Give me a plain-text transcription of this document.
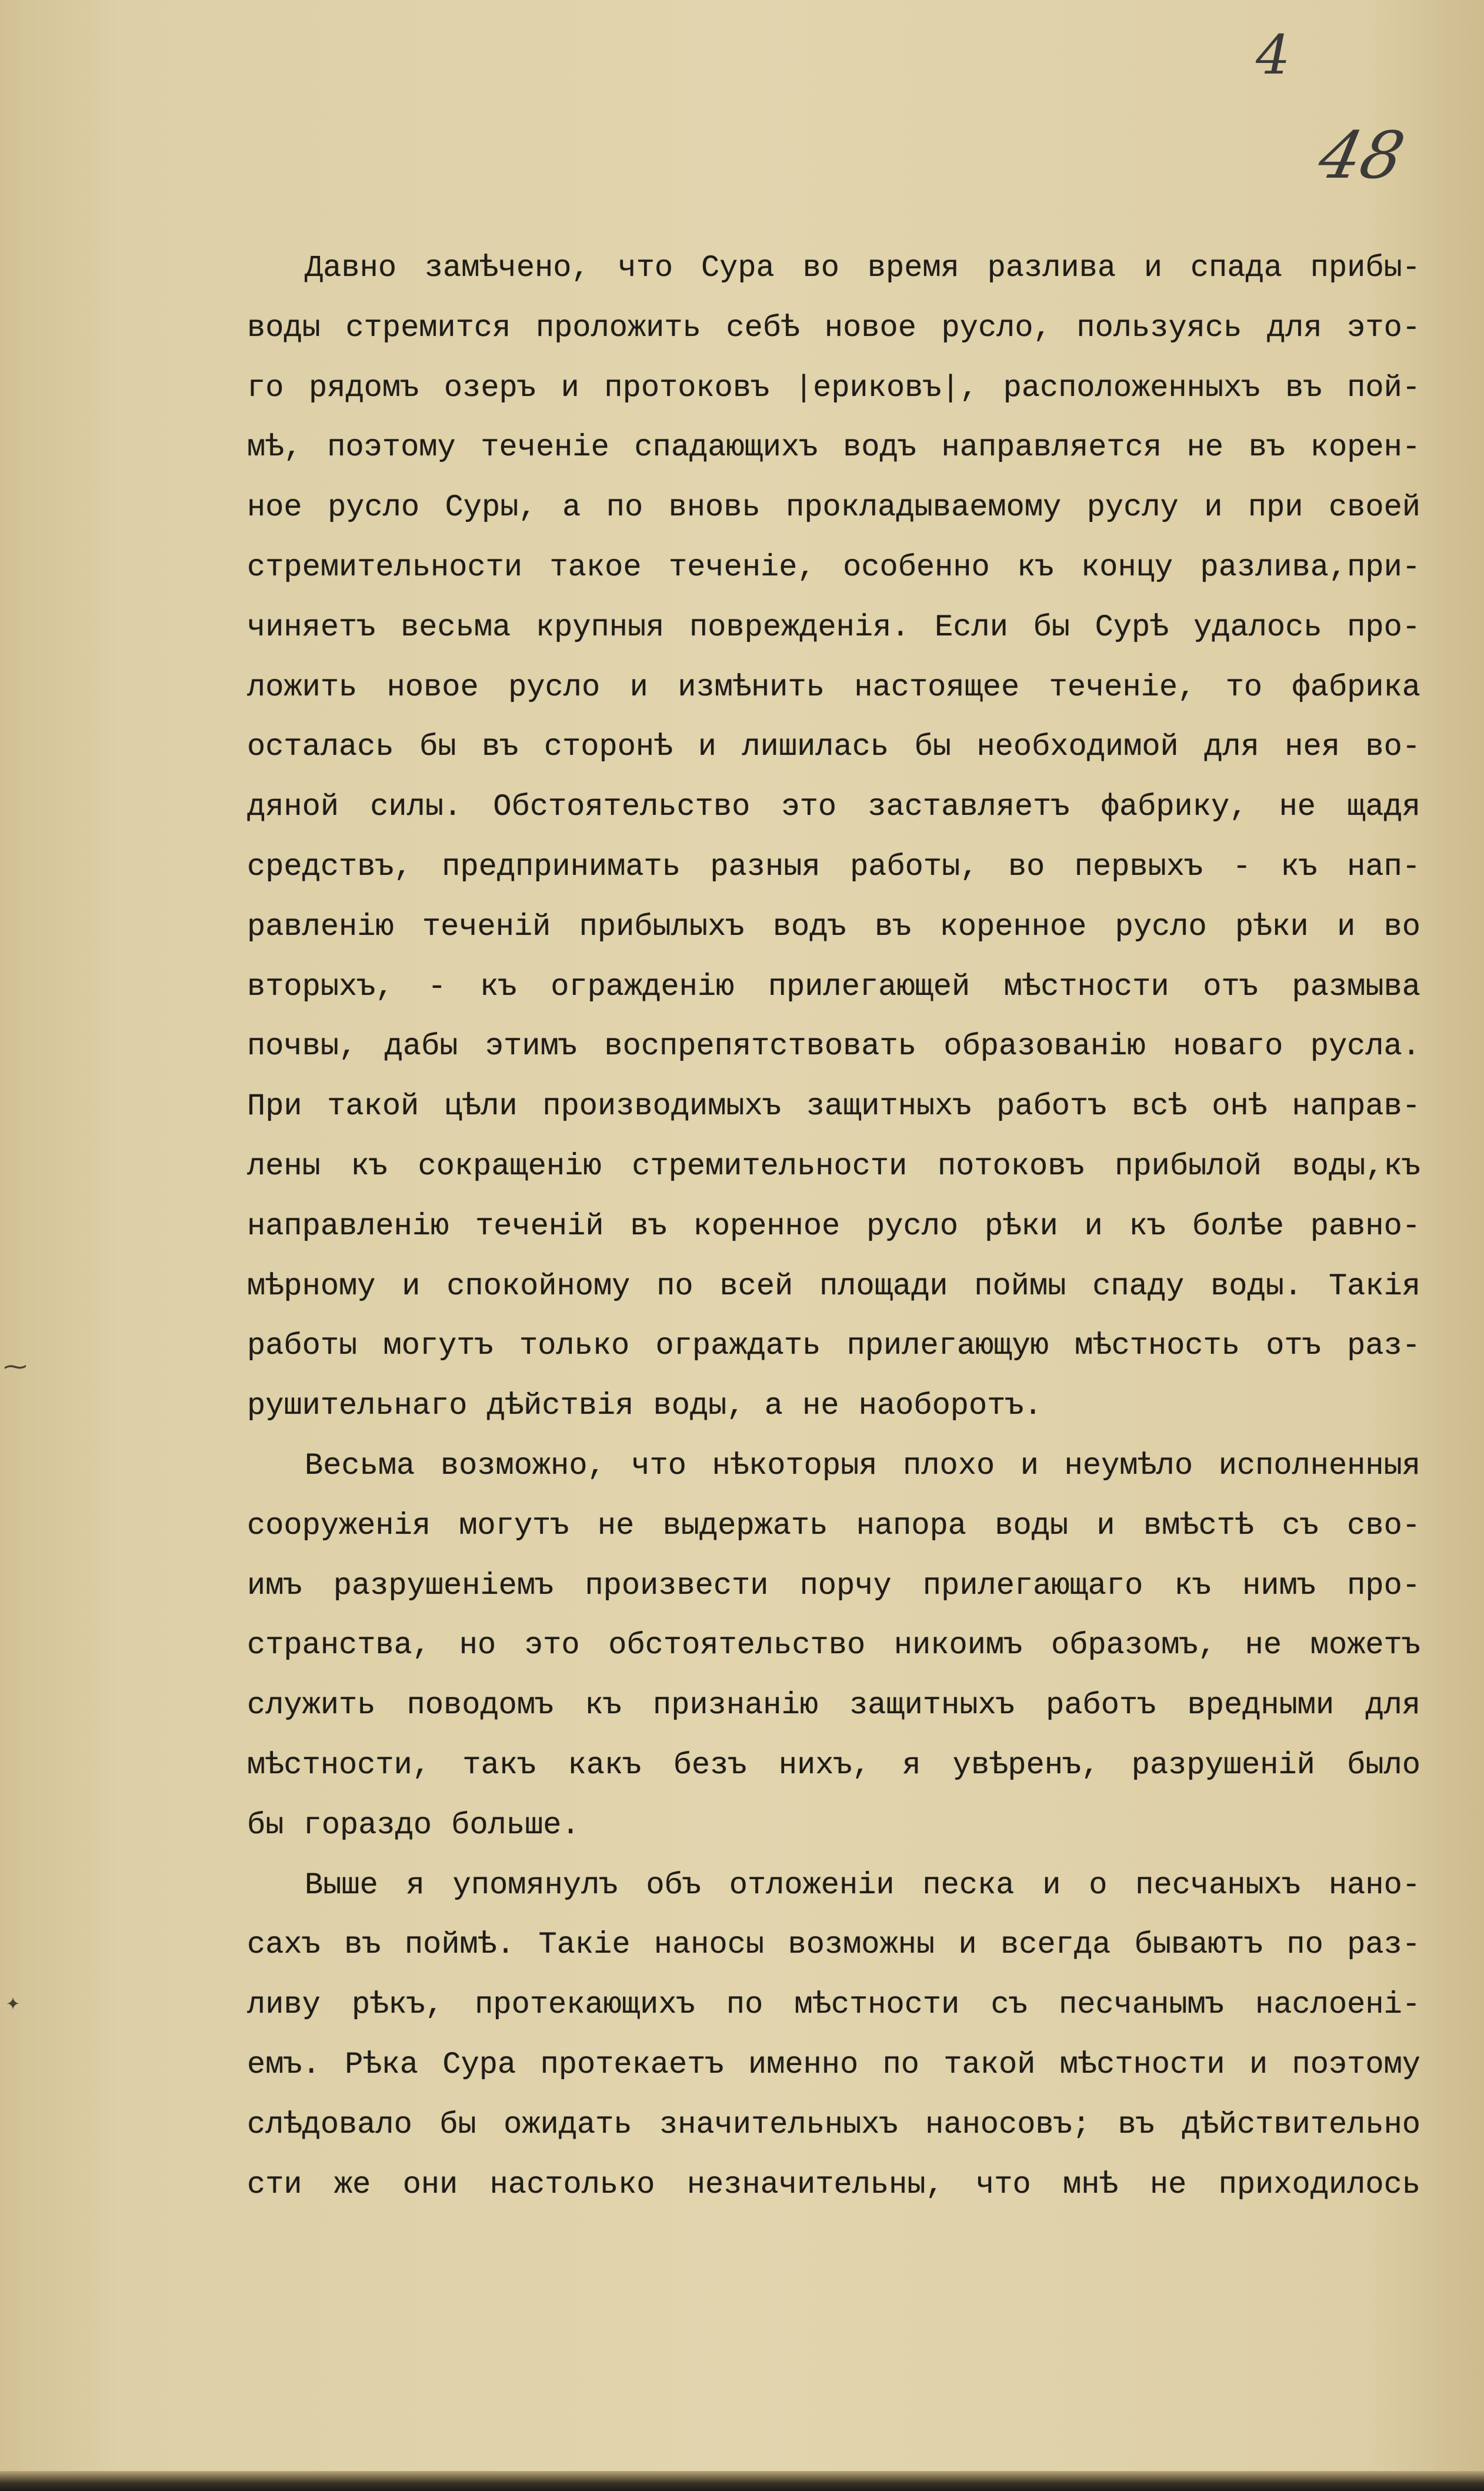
4
48
⁓
✦
Давно замѣчено, что Сура во время разлива и спада прибы-
воды стремится проложить себѣ новое русло, пользуясь для это-
го рядомъ озеръ и протоковъ |ериковъ|, расположенныхъ въ пой-
мѣ, поэтому теченіе спадающихъ водъ направляется не въ корен-
ное русло Суры, а по вновь прокладываемому руслу и при своей
стремительности такое теченіе, особенно къ концу разлива,при-
чиняетъ весьма крупныя поврежденія. Если бы Сурѣ удалось про-
ложить новое русло и измѣнить настоящее теченіе, то фабрика
осталась бы въ сторонѣ и лишилась бы необходимой для нея во-
дяной силы. Обстоятельство это заставляетъ фабрику, не щадя
средствъ, предпринимать разныя работы, во первыхъ - къ нап-
равленію теченій прибылыхъ водъ въ коренное русло рѣки и во
вторыхъ, - къ огражденію прилегающей мѣстности отъ размыва
почвы, дабы этимъ воспрепятствовать образованію новаго русла.
При такой цѣли производимыхъ защитныхъ работъ всѣ онѣ направ-
лены къ сокращенію стремительности потоковъ прибылой воды,къ
направленію теченій въ коренное русло рѣки и къ болѣе равно-
мѣрному и спокойному по всей площади поймы спаду воды. Такія
работы могутъ только ограждать прилегающую мѣстность отъ раз-
рушительнаго дѣйствія воды, а не наоборотъ.
Весьма возможно, что нѣкоторыя плохо и неумѣло исполненныя
сооруженія могутъ не выдержать напора воды и вмѣстѣ съ сво-
имъ разрушеніемъ произвести порчу прилегающаго къ нимъ про-
странства, но это обстоятельство никоимъ образомъ, не можетъ
служить поводомъ къ признанію защитныхъ работъ вредными для
мѣстности, такъ какъ безъ нихъ, я увѣренъ, разрушеній было
бы гораздо больше.
Выше я упомянулъ объ отложеніи песка и о песчаныхъ нано-
сахъ въ поймѣ. Такіе наносы возможны и всегда бываютъ по раз-
ливу рѣкъ, протекающихъ по мѣстности съ песчанымъ наслоені-
емъ. Рѣка Сура протекаетъ именно по такой мѣстности и поэтому
слѣдовало бы ожидать значительныхъ наносовъ; въ дѣйствительно
сти же они настолько незначительны, что мнѣ не приходилось
